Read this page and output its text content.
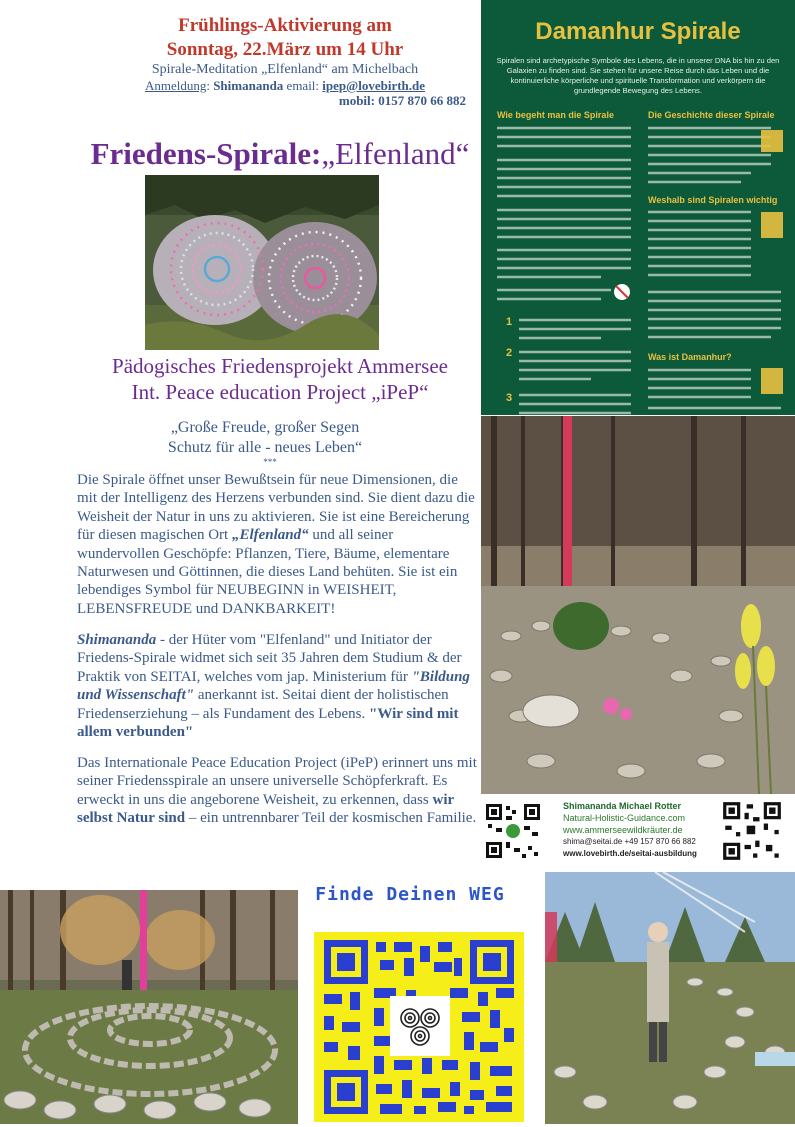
Frühlings-Aktivierung am
Sonntag, 22.März um 14 Uhr
Spirale-Meditation „Elfenland“ am Michelbach
Anmeldung: Shimananda email: ipep@lovebirth.de
mobil: 0157 870 66 882
Friedens-Spirale:„Elfenland“
Pädogisches Friedensprojekt Ammersee
Int. Peace education Project „iPeP“
„Große Freude, großer Segen
Schutz für alle - neues Leben“
***
Die Spirale öffnet unser Bewußtsein für neue Dimensionen, die mit der Intelligenz des Herzens verbunden sind. Sie dient dazu die Weisheit der Natur in uns zu aktivieren. Sie ist eine Bereicherung für diesen magischen Ort „Elfenland“ und all seiner wundervollen Geschöpfe: Pflanzen, Tiere, Bäume, elementare Naturwesen und Göttinnen, die dieses Land behüten. Sie ist ein lebendiges Symbol für NEUBEGINN in WEISHEIT, LEBENSFREUDE und DANKBARKEIT!
Shimananda - der Hüter vom "Elfenland" und Initiator der Friedens-Spirale widmet sich seit 35 Jahren dem Studium & der Praktik von SEITAI, welches vom jap. Ministerium für "Bildung und Wissenschaft" anerkannt ist. Seitai dient der holistischen Friedenserziehung – als Fundament des Lebens. "Wir sind mit allem verbunden"
Das Internationale Peace Education Project (iPeP) erinnert uns mit seiner Friedensspirale an unsere universelle Schöpferkraft. Es erweckt in uns die angeborene Weisheit, zu erkennen, dass wir selbst Natur sind – ein untrennbarer Teil der kosmischen Familie.
Damanhur Spirale
Spiralen sind archetypische Symbole des Lebens, die in unserer DNA bis hin zu den Galaxien zu finden sind. Sie stehen für unsere Reise durch das Leben und die kontinuierliche körperliche und spirituelle Transformation und verkörpern die grundlegende Bewegung des Lebens.
Wie begeht man die Spirale	Die Geschichte dieser Spirale
Weshalb sind Spiralen wichtig
Was ist Damanhur?
1
2
3
Shimananda Michael Rotter
Natural-Holistic-Guidance.com
www.ammerseewildkräuter.de
shima@seitai.de +49 157 870 66 882
www.lovebirth.de/seitai-ausbildung
Finde Deinen WEG
